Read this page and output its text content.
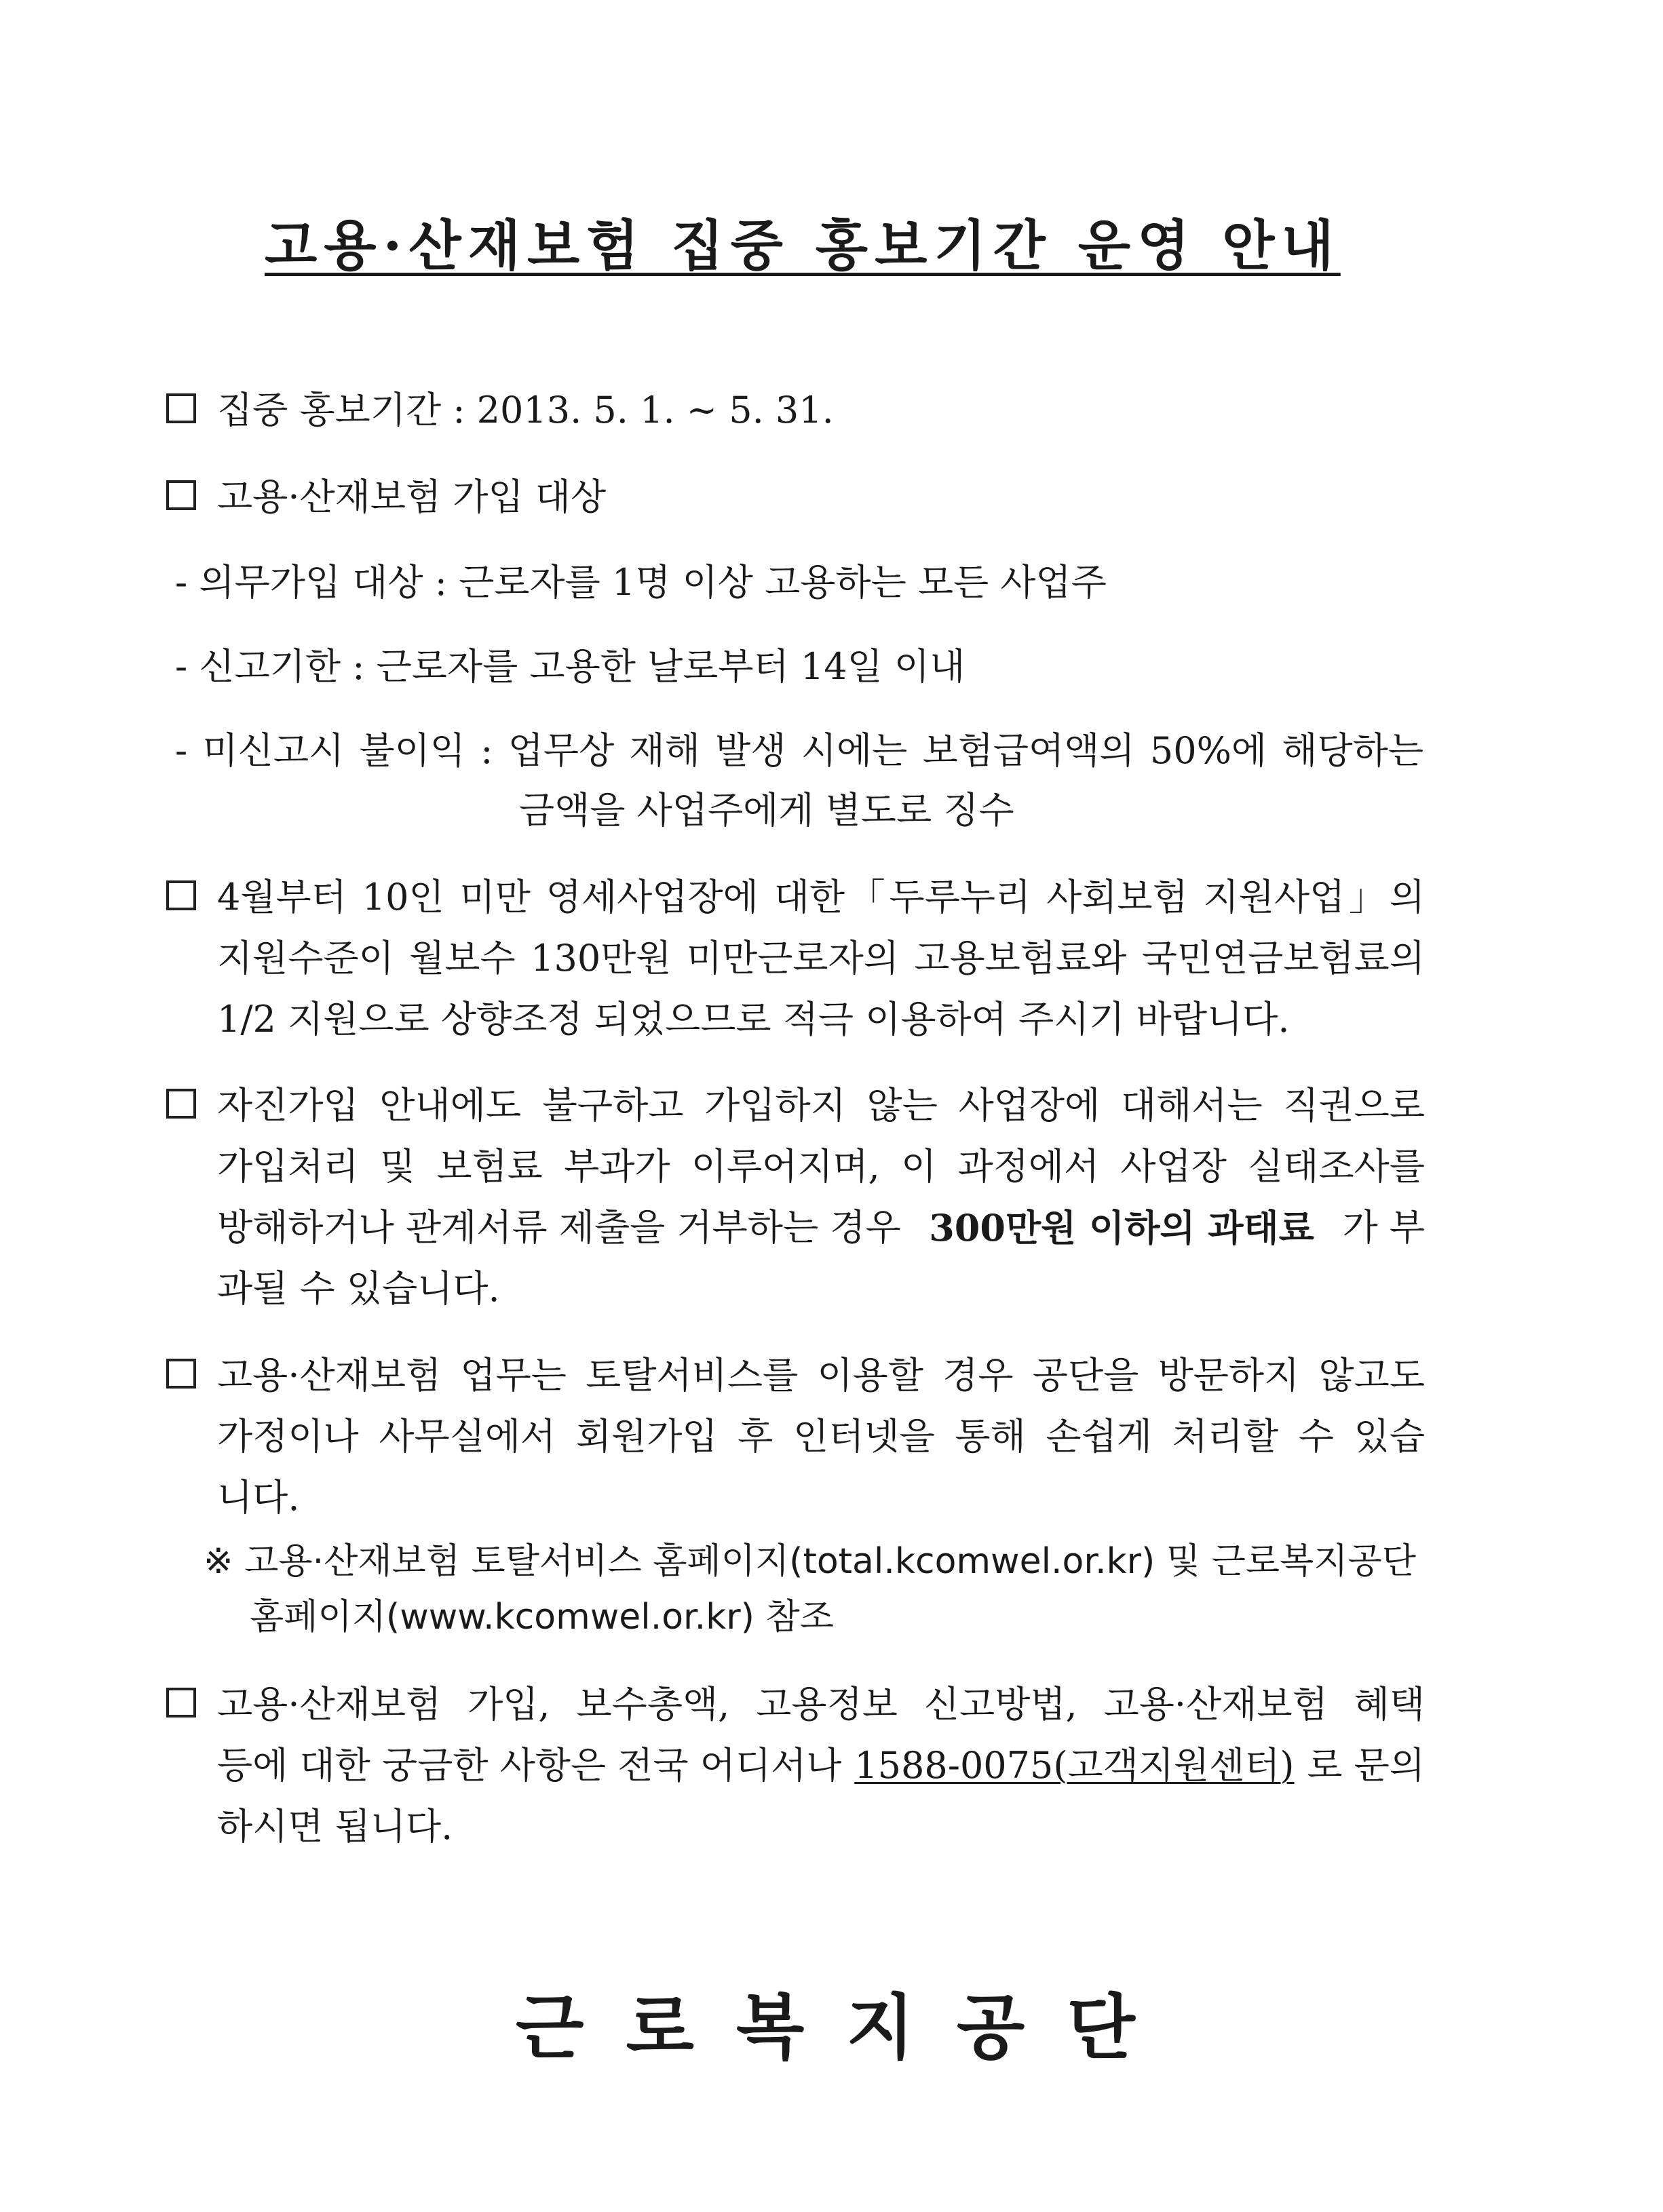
고용·산재보험 집중 홍보기간 운영 안내
집중 홍보기간 : 2013. 5. 1. ~ 5. 31.
고용·산재보험 가입 대상
- 의무가입 대상 : 근로자를 1명 이상 고용하는 모든 사업주
- 신고기한 : 근로자를 고용한 날로부터 14일 이내
- 미신고시 불이익 : 업무상 재해 발생 시에는 보험급여액의 50%에 해당하는
금액을 사업주에게 별도로 징수
4월부터 10인 미만 영세사업장에 대한「두루누리 사회보험 지원사업」의
지원수준이 월보수 130만원 미만근로자의 고용보험료와 국민연금보험료의
1/2 지원으로 상향조정 되었으므로 적극 이용하여 주시기 바랍니다.
자진가입 안내에도 불구하고 가입하지 않는 사업장에 대해서는 직권으로
가입처리 및 보험료 부과가 이루어지며, 이 과정에서 사업장 실태조사를
방해하거나 관계서류 제출을 거부하는 경우 300만원 이하의 과태료 가 부
과될 수 있습니다.
고용·산재보험 업무는 토탈서비스를 이용할 경우 공단을 방문하지 않고도
가정이나 사무실에서 회원가입 후 인터넷을 통해 손쉽게 처리할 수 있습
니다.
※ 고용·산재보험 토탈서비스 홈페이지(total.kcomwel.or.kr) 및 근로복지공단
홈페이지(www.kcomwel.or.kr) 참조
고용·산재보험 가입, 보수총액, 고용정보 신고방법, 고용·산재보험 혜택
등에 대한 궁금한 사항은 전국 어디서나 1588-0075(고객지원센터) 로 문의
하시면 됩니다.
근로복지공단
